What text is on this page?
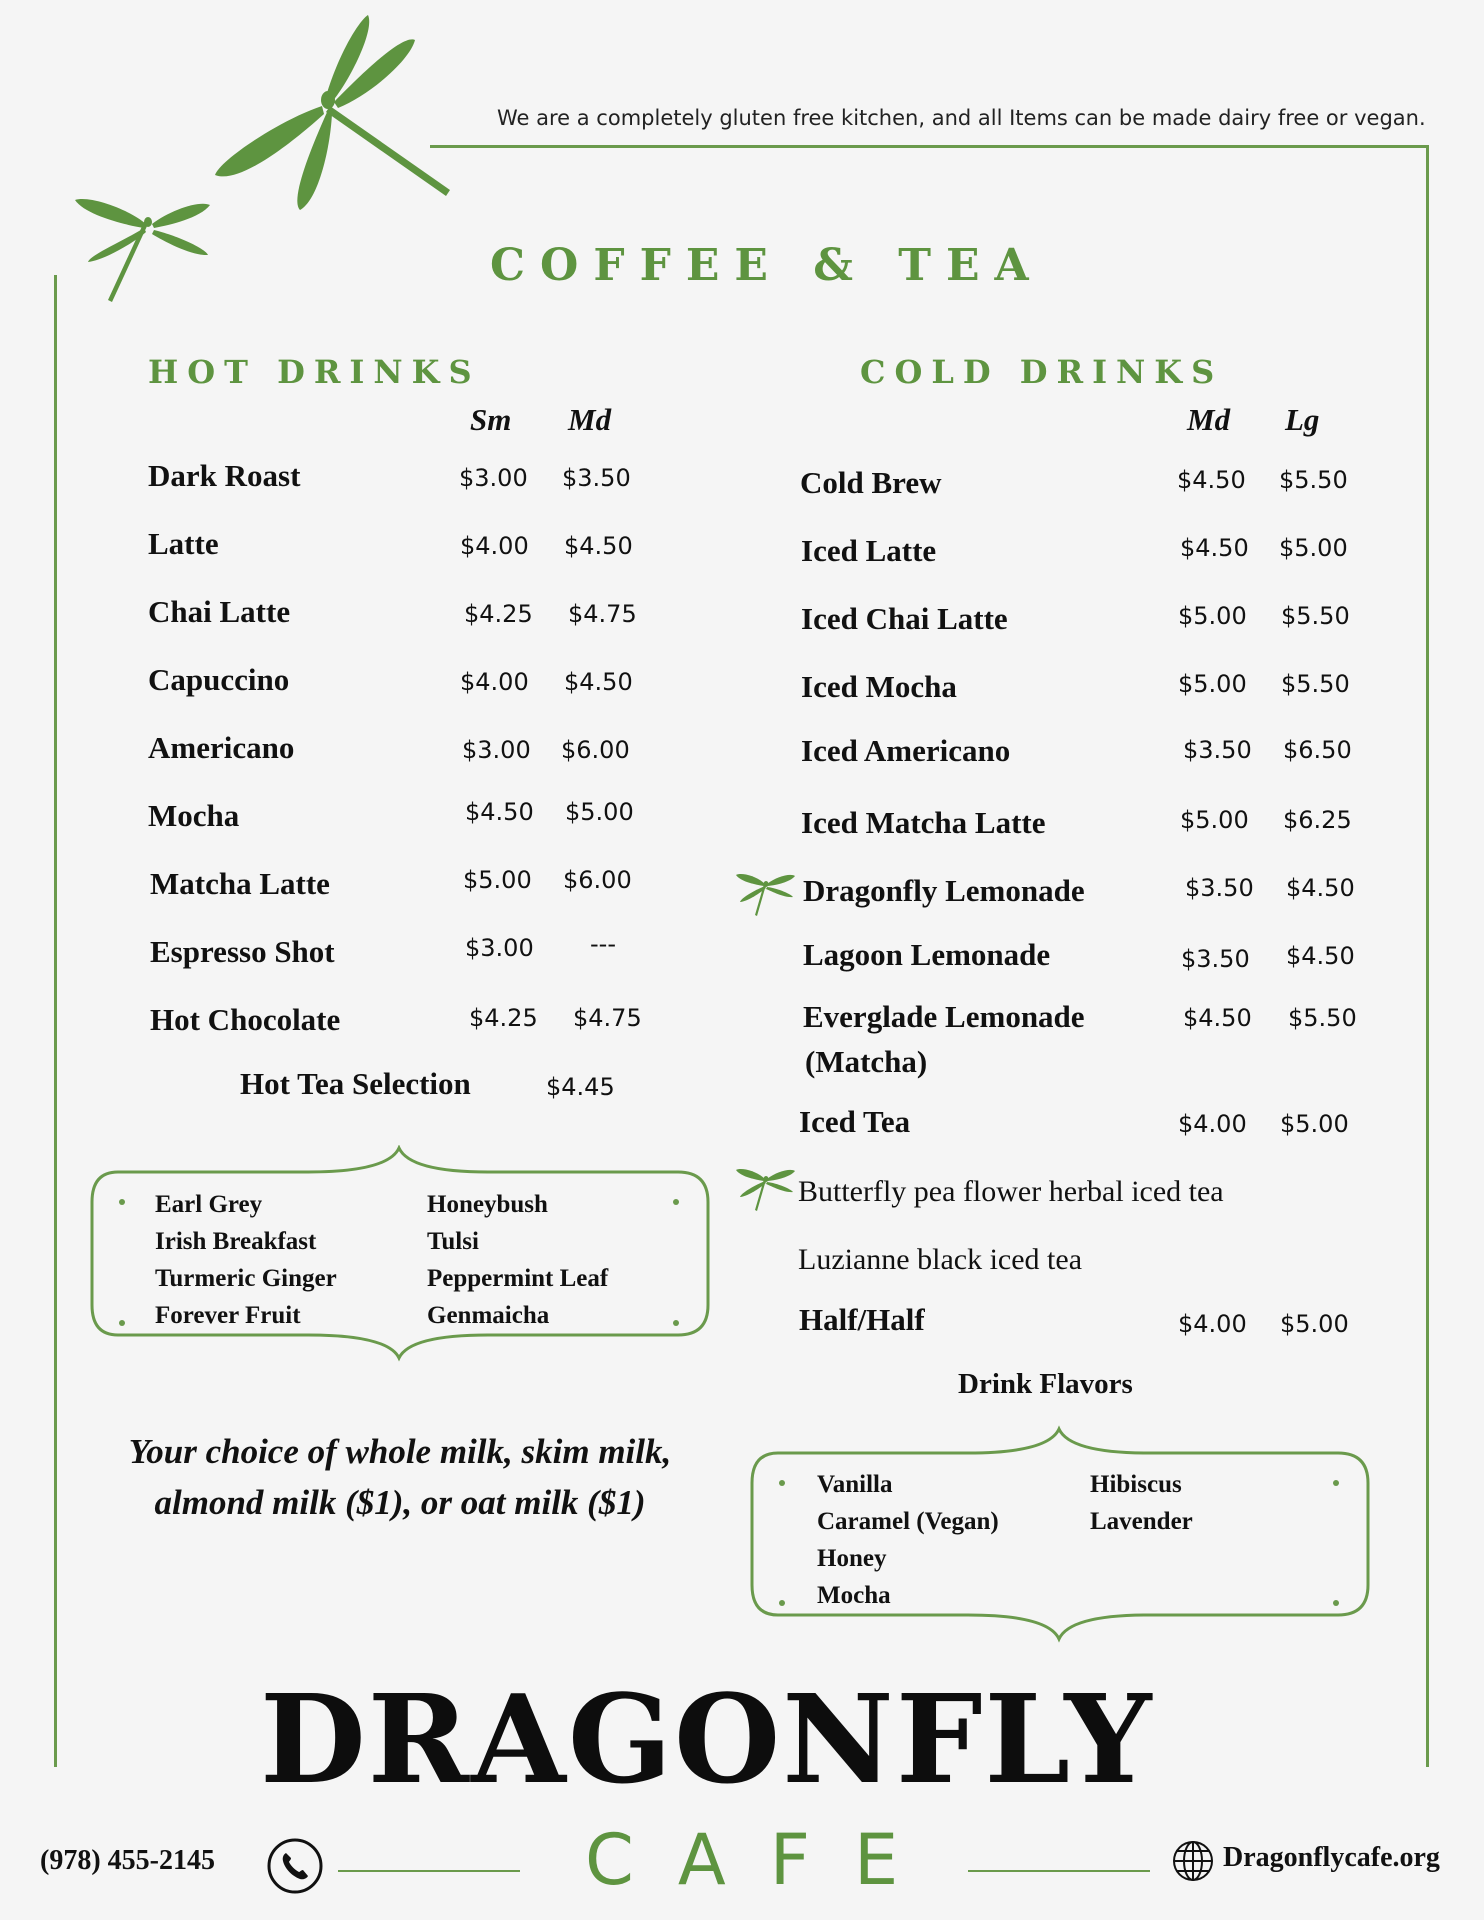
We are a completely gluten free kitchen, and all Items can be made dairy free or vegan.
COFFEE & TEA
HOT DRINKS
Sm Md
Dark Roast	$3.00 $3.50
Latte	$4.00 $4.50
Chai Latte	$4.25 $4.75
Capuccino	$4.00 $4.50
Americano	$3.00 $6.00
Mocha	$4.50 $5.00
Matcha Latte	$5.00 $6.00
Espresso Shot	$3.00 ---
Hot Chocolate	$4.25 $4.75
Hot Tea Selection	$4.45
Earl Grey
Irish Breakfast
Turmeric Ginger
Forever Fruit
Honeybush
Tulsi
Peppermint Leaf
Genmaicha
Your choice of whole milk, skim milk, almond milk ($1), or oat milk ($1)
COLD DRINKS
Md Lg
Cold Brew	$4.50 $5.50
Iced Latte	$4.50 $5.00
Iced Chai Latte	$5.00 $5.50
Iced Mocha	$5.00 $5.50
Iced Americano	$3.50 $6.50
Iced Matcha Latte	$5.00 $6.25
Dragonfly Lemonade	$3.50 $4.50
Lagoon Lemonade	$3.50 $4.50
Everglade Lemonade
(Matcha)
$4.50 $5.50
Iced Tea	$4.00 $5.00
Butterfly pea flower herbal iced tea
Luzianne black iced tea
Half/Half	$4.00 $5.00
Drink Flavors
Vanilla
Caramel (Vegan)
Honey
Mocha
Hibiscus
Lavender
DRAGONFLY
CAFE
(978) 455-2145	Dragonflycafe.org
